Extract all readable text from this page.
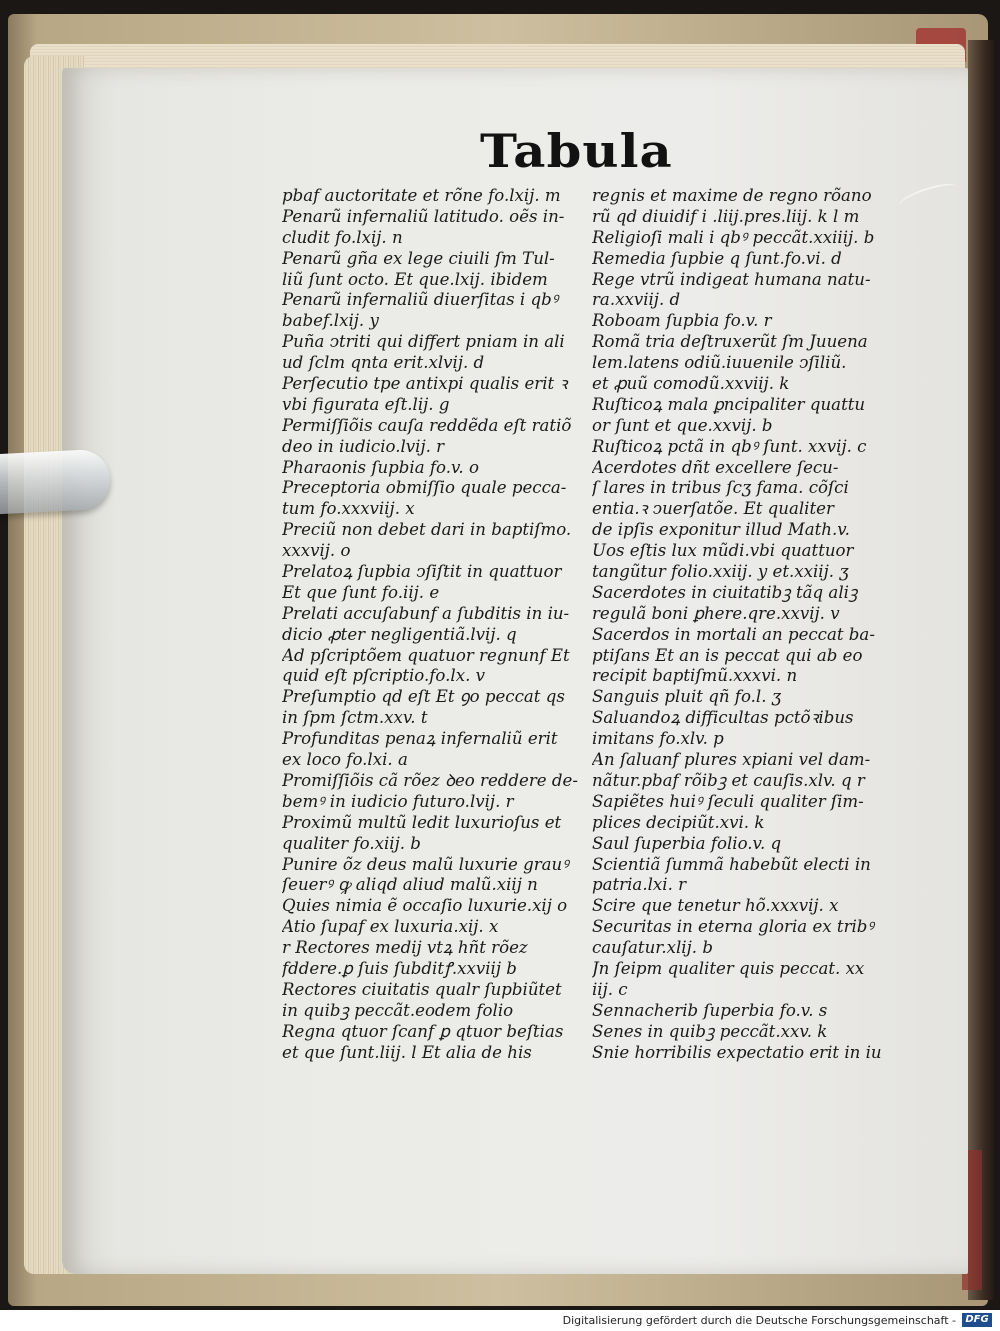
Tabula
pbaf auctoritate et rõne fo.lxij. m
Penarũ infernaliũ latitudo. oẽs in-
cludit fo.lxij. n
Penarũ gña ex lege ciuili ſm Tul-
liũ ſunt octo. Et que.lxij. ibidem
Penarũ infernaliũ diuerſitas i qbꝰ
babef.lxij. y
Puña ↄtriti qui differt pniam in ali
ud ſclm qnta erit.xlvij. d
Perſecutio tpe antixpi qualis erit ꝛ
vbi figurata eſt.lij. g
Permiſſiõis cauſa reddẽda eſt ratiõ
deo in iudicio.lvij. r
Pharaonis ſupbia fo.v. o
Preceptoria obmiſſio quale pecca-
tum fo.xxxviij. x
Preciũ non debet dari in baptiſmo.
xxxvij. o
Prelatoꝝ ſupbia ↄſiſtit in quattuor
Et que ſunt fo.iij. e
Prelati accuſabunf a ſubditis in iu-
dicio ꝓter negligentiã.lvij. q
Ad pſcriptõem quatuor regnunf Et
quid eſt pſcriptio.fo.lx. v
Preſumptio qd eſt Et ꝯo peccat qs
in ſpm ſctm.xxv. t
Profunditas penaꝝ infernaliũ erit
ex loco fo.lxi. a
Promiſſiõis cã rõez ꝺeo reddere de-
bemꝰ in iudicio futuro.lvij. r
Proximũ multũ ledit luxurioſus et
qualiter fo.xiij. b
Punire õz deus malũ luxurie grauꝰ
ſeuerꝰ ꝙ aliqd aliud malũ.xiij n
Quies nimia ẽ occaſio luxurie.xij o
Atio ſupaf ex luxuria.xij. x
r Rectores medij vtꝝ hñt rõez
fddere.ꝑ ſuis ſubditꝭ.xxviij b
Rectores ciuitatis qualr ſupbiũtet
in quibꝫ peccãt.eodem folio
Regna qtuor ſcanf ꝑ qtuor beſtias
et que ſunt.liij. l Et alia de his
regnis et maxime de regno rõano
rũ qd diuidif i .liij.pres.liij. k l m
Religioſi mali i qbꝰ peccãt.xxiiij. b
Remedia ſupbie q ſunt.fo.vi. d
Rege vtrũ indigeat humana natu-
ra.xxviij. d
Roboam ſupbia fo.v. r
Romã tria deſtruxerũt ſm Juuena
lem.latens odiũ.iuuenile ↄſiliũ.
et ꝓuũ comodũ.xxviij. k
Ruſticoꝝ mala ꝑncipaliter quattu
or ſunt et que.xxvij. b
Ruſticoꝝ pctã in qbꝰ ſunt. xxvij. c
Acerdotes dñt excellere ſecu-
ſ lares in tribus ſcʒ fama. cõſci
entia.ꝛ ↄuerſatõe. Et qualiter
de ipſis exponitur illud Math.v.
Uos eſtis lux mũdi.vbi quattuor
tangũtur folio.xxiij. y et.xxiij. ʒ
Sacerdotes in ciuitatibꝫ tãq aliꝫ
regulã boni ꝑhere.qre.xxvij. v
Sacerdos in mortali an peccat ba-
ptiſans Et an is peccat qui ab eo
recipit baptiſmũ.xxxvi. n
Sanguis pluit qñ fo.l. ʒ
Saluandoꝝ difficultas pctõꝛibus
imitans fo.xlv. p
An ſaluanf plures xpiani vel dam-
nãtur.pbaf rõibꝫ et cauſis.xlv. q r
Sapiẽtes huiꝰ ſeculi qualiter ſim-
plices decipiũt.xvi. k
Saul ſuperbia folio.v. q
Scientiã ſummã habebũt electi in
patria.lxi. r
Scire que tenetur hõ.xxxvij. x
Securitas in eterna gloria ex tribꝰ
cauſatur.xlij. b
Jn ſeipm qualiter quis peccat. xx
iij. c
Sennacherib ſuperbia fo.v. s
Senes in quibꝫ peccãt.xxv. k
Snie horribilis expectatio erit in iu
Digitalisierung gefördert durch die Deutsche Forschungsgemeinschaft - DFG
